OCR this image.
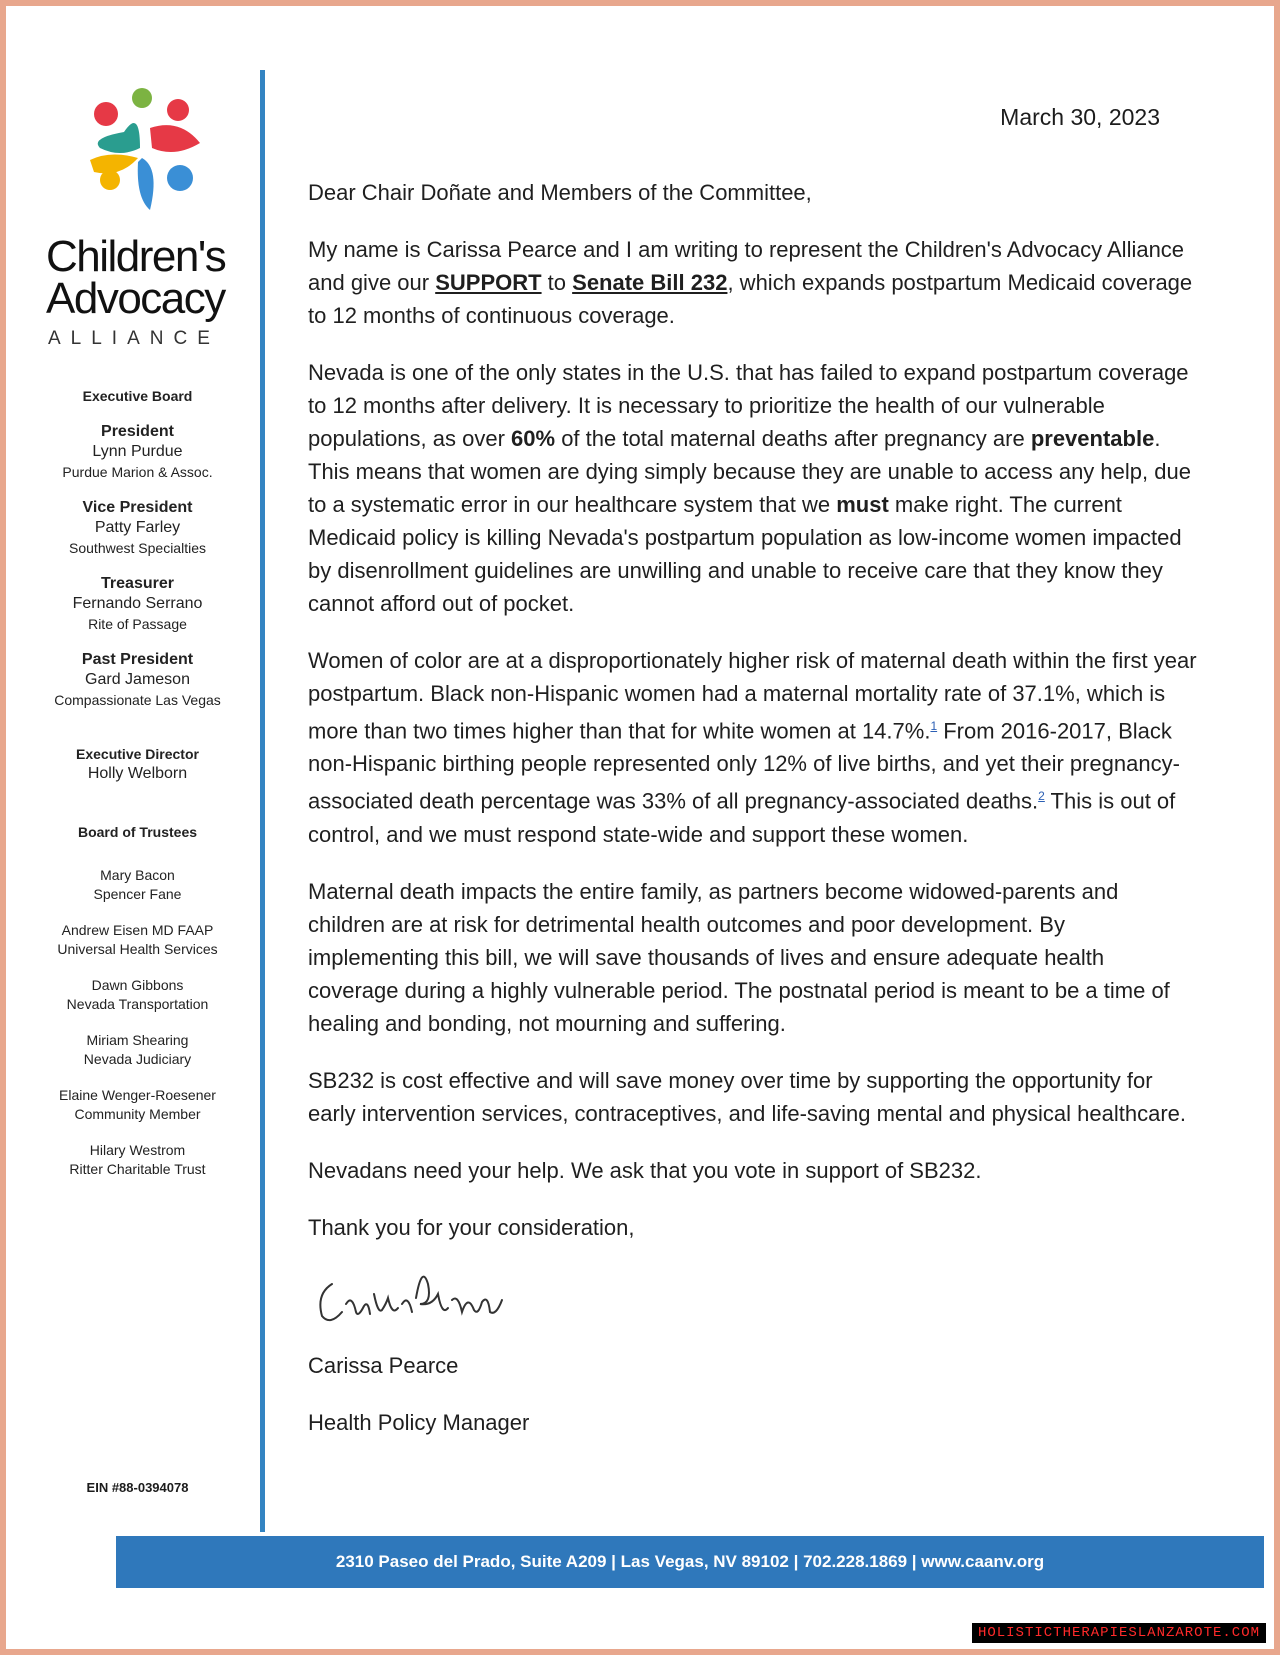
Children's
Advocacy
ALLIANCE
Executive Board
President
Lynn Purdue
Purdue Marion & Assoc.
Vice President
Patty Farley
Southwest Specialties
Treasurer
Fernando Serrano
Rite of Passage
Past President
Gard Jameson
Compassionate Las Vegas
Executive Director
Holly Welborn
Board of Trustees
Mary Bacon
Spencer Fane
Andrew Eisen MD FAAP
Universal Health Services
Dawn Gibbons
Nevada Transportation
Miriam Shearing
Nevada Judiciary
Elaine Wenger-Roesener
Community Member
Hilary Westrom
Ritter Charitable Trust
EIN #88-0394078
March 30, 2023

Dear Chair Doñate and Members of the Committee,

My name is Carissa Pearce and I am writing to represent the Children's Advocacy Alliance and give our SUPPORT to Senate Bill 232, which expands postpartum Medicaid coverage to 12 months of continuous coverage.

Nevada is one of the only states in the U.S. that has failed to expand postpartum coverage to 12 months after delivery. It is necessary to prioritize the health of our vulnerable populations, as over 60% of the total maternal deaths after pregnancy are preventable. This means that women are dying simply because they are unable to access any help, due to a systematic error in our healthcare system that we must make right. The current Medicaid policy is killing Nevada's postpartum population as low-income women impacted by disenrollment guidelines are unwilling and unable to receive care that they know they cannot afford out of pocket.

Women of color are at a disproportionately higher risk of maternal death within the first year postpartum. Black non-Hispanic women had a maternal mortality rate of 37.1%, which is more than two times higher than that for white women at 14.7%.$^1$ From 2016-2017, Black non-Hispanic birthing people represented only 12% of live births, and yet their pregnancy-associated death percentage was 33% of all pregnancy-associated deaths.$^2$ This is out of control, and we must respond state-wide and support these women.

Maternal death impacts the entire family, as partners become widowed-parents and children are at risk for detrimental health outcomes and poor development. By implementing this bill, we will save thousands of lives and ensure adequate health coverage during a highly vulnerable period. The postnatal period is meant to be a time of healing and bonding, not mourning and suffering.

SB232 is cost effective and will save money over time by supporting the opportunity for early intervention services, contraceptives, and life-saving mental and physical healthcare.

Nevadans need your help. We ask that you vote in support of SB232.

Thank you for your consideration,

Carissa Pearce

Health Policy Manager

2310 Paseo del Prado, Suite A209 | Las Vegas, NV 89102 | 702.228.1869 | www.caanv.org
HOLISTICTHERAPIESLANZAROTE.COM
